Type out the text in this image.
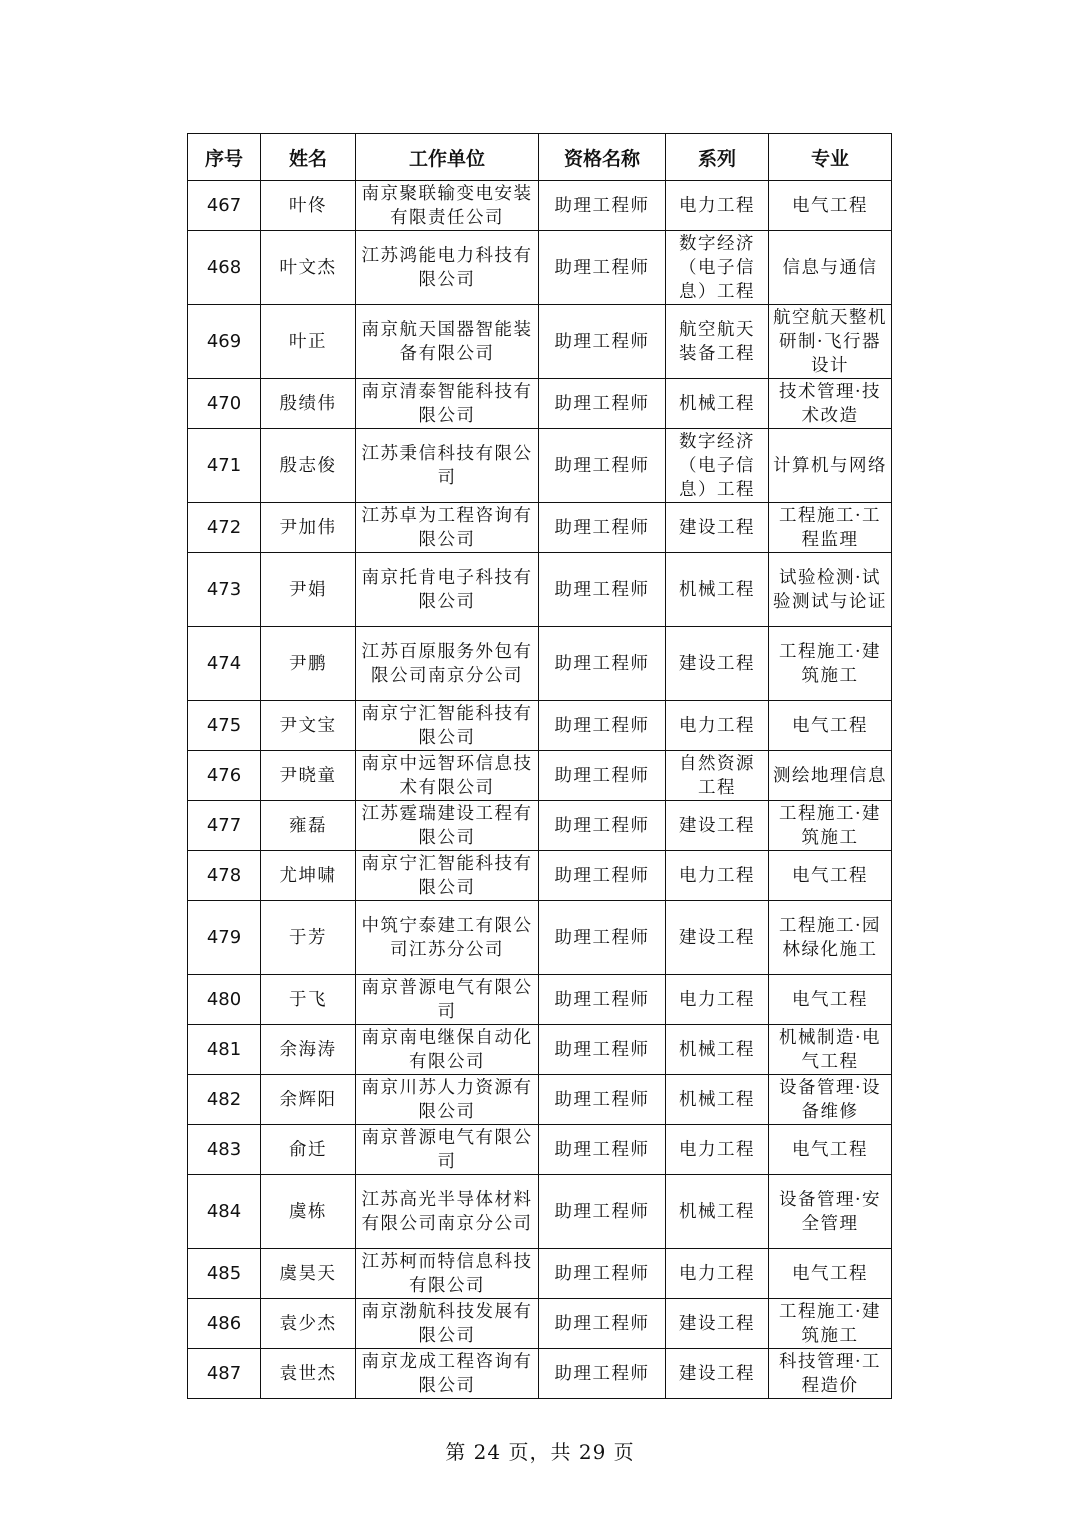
序号	姓名	工作单位	资格名称	系列	专业
467	叶佟	南京聚联输变电安装有限责任公司	助理工程师	电力工程	电气工程
468	叶文杰	江苏鸿能电力科技有限公司	助理工程师	数字经济（电子信息）工程	信息与通信
469	叶正	南京航天国器智能装备有限公司	助理工程师	航空航天装备工程	航空航天整机研制·飞行器设计
470	殷绩伟	南京清泰智能科技有限公司	助理工程师	机械工程	技术管理·技术改造
471	殷志俊	江苏秉信科技有限公司	助理工程师	数字经济（电子信息）工程	计算机与网络
472	尹加伟	江苏卓为工程咨询有限公司	助理工程师	建设工程	工程施工·工程监理
473	尹娟	南京托肯电子科技有限公司	助理工程师	机械工程	试验检测·试验测试与论证
474	尹鹏	江苏百原服务外包有限公司南京分公司	助理工程师	建设工程	工程施工·建筑施工
475	尹文宝	南京宁汇智能科技有限公司	助理工程师	电力工程	电气工程
476	尹晓童	南京中远智环信息技术有限公司	助理工程师	自然资源工程	测绘地理信息
477	雍磊	江苏霆瑞建设工程有限公司	助理工程师	建设工程	工程施工·建筑施工
478	尤坤啸	南京宁汇智能科技有限公司	助理工程师	电力工程	电气工程
479	于芳	中筑宁泰建工有限公司江苏分公司	助理工程师	建设工程	工程施工·园林绿化施工
480	于飞	南京普源电气有限公司	助理工程师	电力工程	电气工程
481	余海涛	南京南电继保自动化有限公司	助理工程师	机械工程	机械制造·电气工程
482	余辉阳	南京川苏人力资源有限公司	助理工程师	机械工程	设备管理·设备维修
483	俞迁	南京普源电气有限公司	助理工程师	电力工程	电气工程
484	虞栋	江苏高光半导体材料有限公司南京分公司	助理工程师	机械工程	设备管理·安全管理
485	虞昊天	江苏柯而特信息科技有限公司	助理工程师	电力工程	电气工程
486	袁少杰	南京渤航科技发展有限公司	助理工程师	建设工程	工程施工·建筑施工
487	袁世杰	南京龙成工程咨询有限公司	助理工程师	建设工程	科技管理·工程造价
第 24 页，共 29 页
